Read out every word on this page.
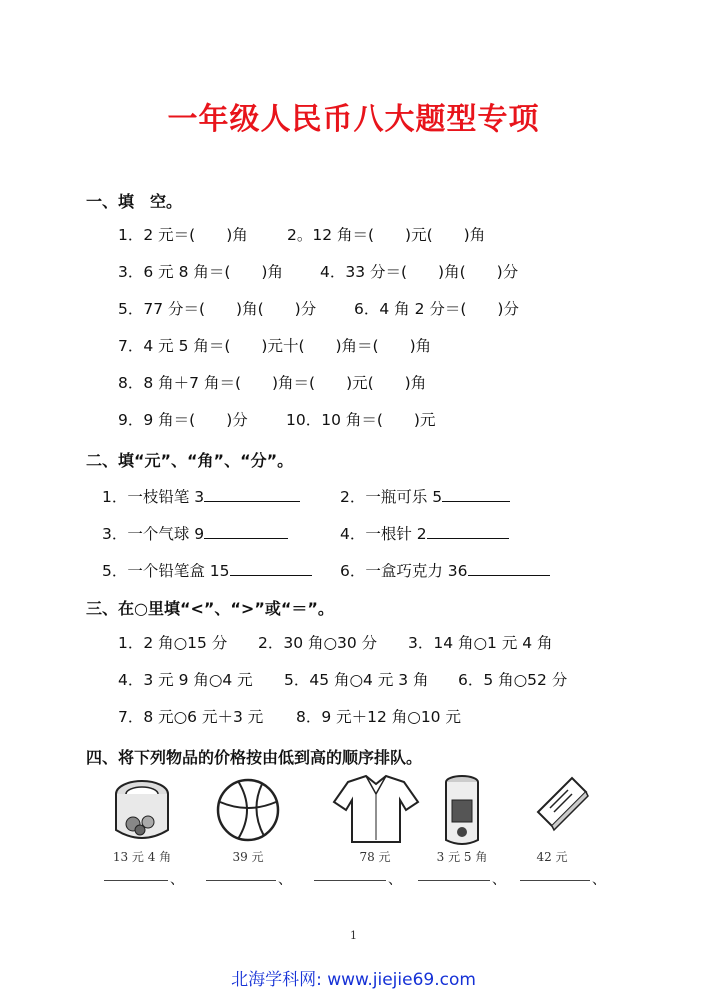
一年级人民币八大题型专项
一、填　空。
1．2 元＝(　　)角	2。12 角＝(　　)元(　　)角
3．6 元 8 角＝(　　)角 4．33 分＝(　　)角(　　)分
5．77 分＝(　　)角(　　)分 6．4 角 2 分＝(　　)分
7．4 元 5 角＝(　　)元十(　　)角＝(　　)角
8．8 角＋7 角＝(　　)角＝(　　)元(　　)角
9．9 角＝(　　)分 10．10 角＝(　　)元
二、填“元”、“角”、“分”。
1．一枝铅笔 3	2．一瓶可乐 5
3．一个气球 9	4．一根针 2
5．一个铅笔盒 15	6．一盒巧克力 36
三、在○里填“<”、“>”或“＝”。
1．2 角○15 分 2．30 角○30 分 3．14 角○1 元 4 角
4．3 元 9 角○4 元 5．45 角○4 元 3 角 6．5 角○52 分
7．8 元○6 元＋3 元 8．9 元＋12 角○10 元
四、将下列物品的价格按由低到高的顺序排队。
13 元 4 角	39 元	78 元	3 元 5 角	42 元
、	、	、	、	、
1
北海学科网: www.jiejie69.com
